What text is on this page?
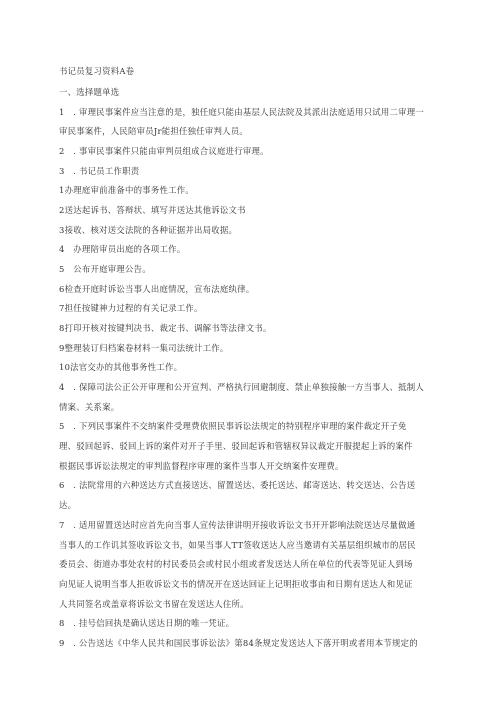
书记员复习资料A卷
一、选择题单选
1　. 审理民事案件应当注意的是，独任庭只能由基层人民法院及其派出法庭适用只试用二审理一
审民事案件，人民陪审员Jr能担任独任审判人员。
2　. 事审民事案件只能由审判员组成合议庭进行审理。
3　. 书记员工作职责
1办理庭审前准备中的事务性工作。
2送达起诉书、答辩状、填写并送达其他诉讼文书
3接收、核对送交法院的各种证据并出局收据。
4　办理陪审员出庭的各项工作。
5　公布开庭审理公告。
6检查开庭时诉讼当事人出庭情况，宣布法庭纨律。
7担任按键神力过程的有关记录工作。
8打印开核对按键判决书、裁定书、调解书等法律文书。
9整理装订归档案卷材料一集司法统计工作。
10法官交办的其他事务性工作。
4　. 保障司法公正公开审理和公开宣判、严格执行回避制度、禁止单独接触一方当事人、抵制人
情案、关系案。
5　. 下列民事案件不交纳案件受理费依照民事诉讼法规定的特别程序审理的案件裁定开子免
理、驳回起诉、驳回上诉的案件对开子手里、驳回起诉和管辖权异议裁定开服提起上诉的案件
根据民事诉讼法规定的审判监督程序审理的案件当事人开交纳案件安理费。
6　. 法院常用的六种送达方式直接送达、留置送达、委托送达、邮寄送达、转交送达、公告送
达。
7　. 适用留置送达时应首先向当事人宣传法律讲明开接收诉讼文书开开影响法院送达尽量做通
当事人的工作讥其签收诉讼文书，如果当事人TT签收送达人应当邀请有关基层组织城市的居民
委员会、街道办事处农村的村民委员会或村民小组或者发送达人所在单位的代表等见证人到场
向见证人说明当事人拒收诉讼文书的情况开在送达回证上记明拒收事由和日期有送达人和见证
人共同签名或盖章将诉讼文书留在发送达人住所。
8　. 挂号信回执是确认送达日期的唯一凭证。
9　. 公告送达《中华人民共和国民事诉讼法》第84条规定发送达人下落开明或者用本节规定的
